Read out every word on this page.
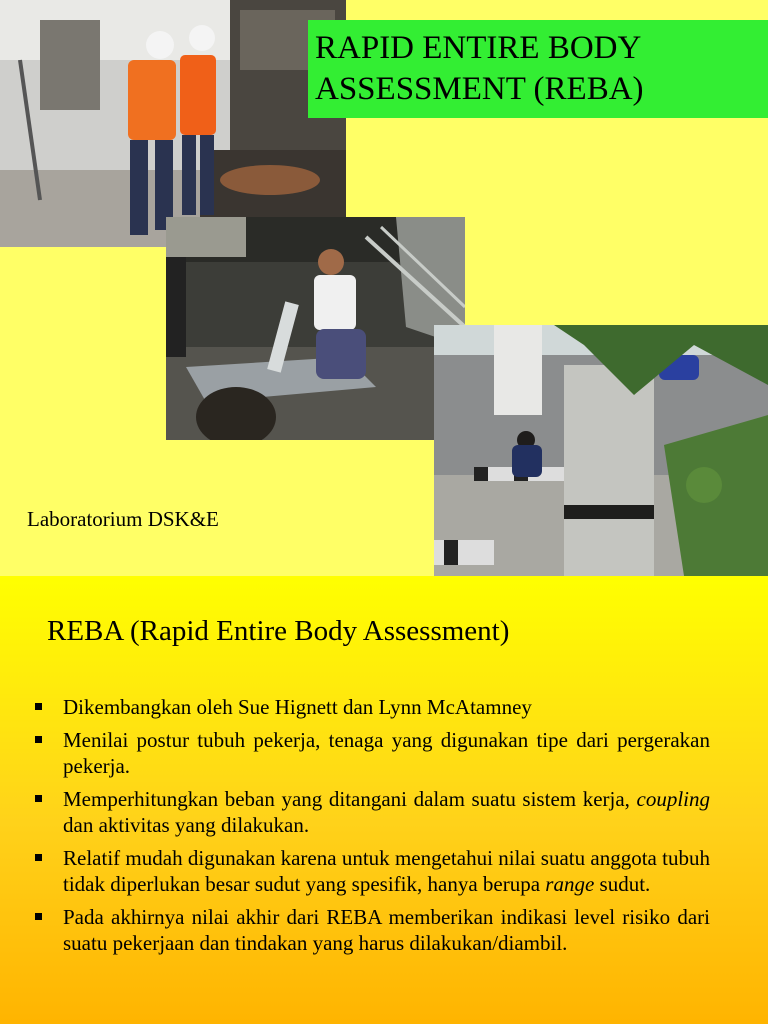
RAPID ENTIRE BODY
ASSESSMENT (REBA)
Laboratorium DSK&E
REBA (Rapid Entire Body Assessment)
Dikembangkan oleh Sue Hignett dan Lynn McAtamney
Menilai postur tubuh pekerja, tenaga yang digunakan tipe dari pergerakan pekerja.
Memperhitungkan beban yang ditangani dalam suatu sistem kerja, coupling dan aktivitas yang dilakukan.
Relatif mudah digunakan karena untuk mengetahui nilai suatu anggota tubuh tidak diperlukan besar sudut yang spesifik, hanya berupa range sudut.
Pada akhirnya nilai akhir dari REBA memberikan indikasi level risiko dari suatu pekerjaan dan tindakan yang harus dilakukan/diambil.
